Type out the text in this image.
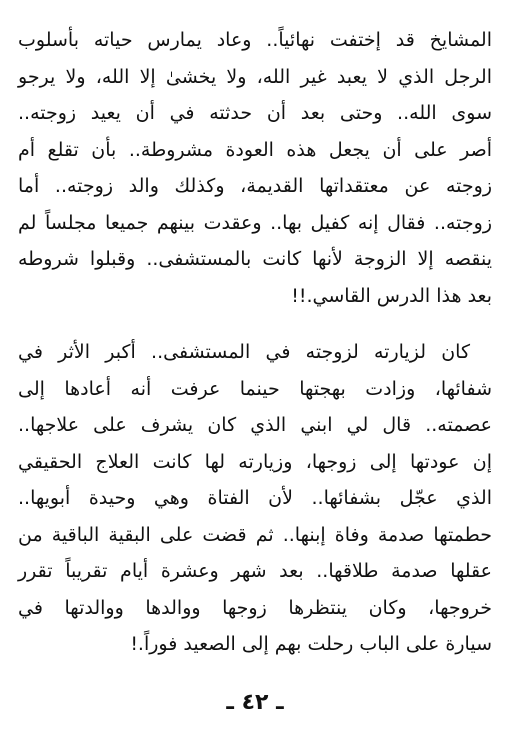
المشايخ قد إختفت نهائياً.. وعاد يمارس حياته بأسلوب
الرجل الذي لا يعبد غير الله، ولا يخشىٰ إلا الله، ولا يرجو
سوى الله.. وحتى بعد أن حدثته في أن يعيد زوجته..
أصر على أن يجعل هذه العودة مشروطة.. بأن تقلع أم
زوجته عن معتقداتها القديمة، وكذلك والد زوجته.. أما
زوجته.. فقال إنه كفيل بها.. وعقدت بينهم جميعا مجلساً لم
ينقصه إلا الزوجة لأنها كانت بالمستشفى.. وقبلوا شروطه
بعد هذا الدرس القاسي.!!
كان لزيارته لزوجته في المستشفى.. أكبر الأثر في
شفائها، وزادت بهجتها حينما عرفت أنه أعادها إلى
عصمته.. قال لي ابني الذي كان يشرف على علاجها..
إن عودتها إلى زوجها، وزيارته لها كانت العلاج الحقيقي
الذي عجّل بشفائها.. لأن الفتاة وهي وحيدة أبويها..
حطمتها صدمة وفاة إبنها.. ثم قضت على البقية الباقية من
عقلها صدمة طلاقها.. بعد شهر وعشرة أيام تقريباً تقرر
خروجها، وكان ينتظرها زوجها ووالدها ووالدتها في
سيارة على الباب رحلت بهم إلى الصعيد فوراً.!
ـ ٤٢ ـ
